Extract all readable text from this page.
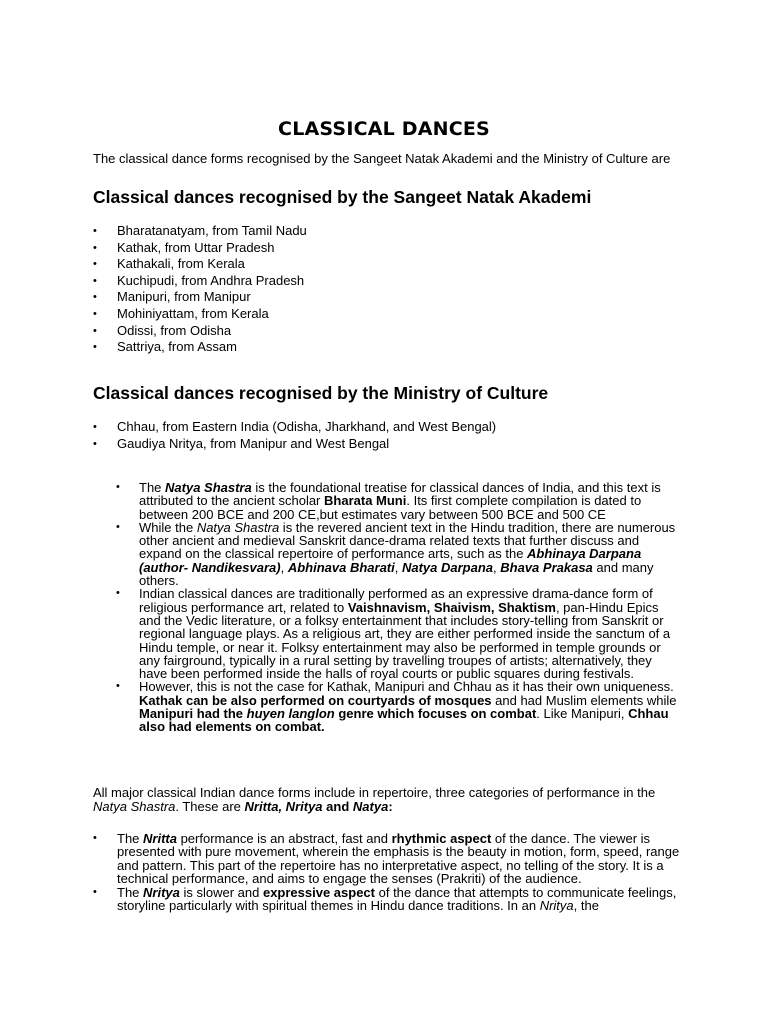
CLASSICAL DANCES
The classical dance forms recognised by the Sangeet Natak Akademi and the Ministry of Culture are
Classical dances recognised by the Sangeet Natak Akademi
• Bharatanatyam, from Tamil Nadu
• Kathak, from Uttar Pradesh
• Kathakali, from Kerala
• Kuchipudi, from Andhra Pradesh
• Manipuri, from Manipur
• Mohiniyattam, from Kerala
• Odissi, from Odisha
• Sattriya, from Assam
Classical dances recognised by the Ministry of Culture
• Chhau, from Eastern India (Odisha, Jharkhand, and West Bengal)
• Gaudiya Nritya, from Manipur and West Bengal
• The Natya Shastra is the foundational treatise for classical dances of India, and this text is attributed to the ancient scholar Bharata Muni. Its first complete compilation is dated to between 200 BCE and 200 CE,but estimates vary between 500 BCE and 500 CE
• While the Natya Shastra is the revered ancient text in the Hindu tradition, there are numerous other ancient and medieval Sanskrit dance-drama related texts that further discuss and expand on the classical repertoire of performance arts, such as the Abhinaya Darpana (author- Nandikesvara), Abhinava Bharati, Natya Darpana, Bhava Prakasa and many others.
• Indian classical dances are traditionally performed as an expressive drama-dance form of religious performance art, related to Vaishnavism, Shaivism, Shaktism, pan-Hindu Epics and the Vedic literature, or a folksy entertainment that includes story-telling from Sanskrit or regional language plays. As a religious art, they are either performed inside the sanctum of a Hindu temple, or near it. Folksy entertainment may also be performed in temple grounds or any fairground, typically in a rural setting by travelling troupes of artists; alternatively, they have been performed inside the halls of royal courts or public squares during festivals.
• However, this is not the case for Kathak, Manipuri and Chhau as it has their own uniqueness. Kathak can be also performed on courtyards of mosques and had Muslim elements while Manipuri had the huyen langlon genre which focuses on combat. Like Manipuri, Chhau also had elements on combat.
All major classical Indian dance forms include in repertoire, three categories of performance in the Natya Shastra. These are Nritta, Nritya and Natya:
• The Nritta performance is an abstract, fast and rhythmic aspect of the dance. The viewer is presented with pure movement, wherein the emphasis is the beauty in motion, form, speed, range and pattern. This part of the repertoire has no interpretative aspect, no telling of the story. It is a technical performance, and aims to engage the senses (Prakriti) of the audience.
• The Nritya is slower and expressive aspect of the dance that attempts to communicate feelings, storyline particularly with spiritual themes in Hindu dance traditions. In an Nritya, the
